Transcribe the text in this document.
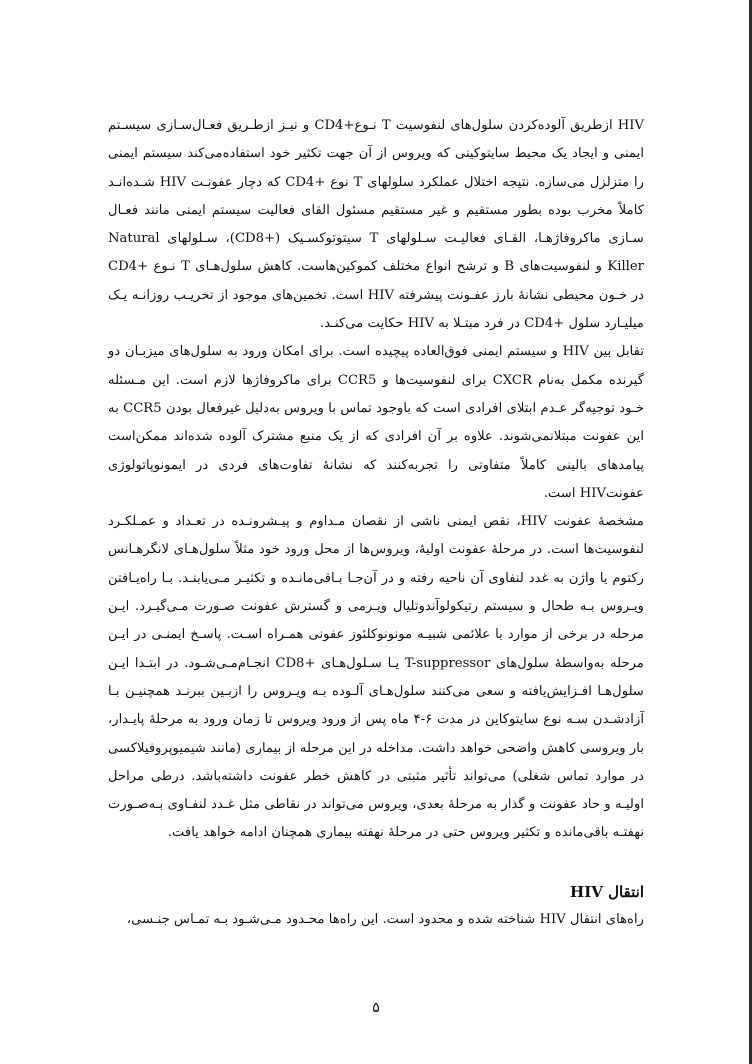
HIV ازطریق آلوده‌کردن سلول‌های لنفوسیت T نـوع+CD4 و نیـز ازطـریق فعـال‌سـازی سیسـتم ایمنی و ایجاد یک محیط سایتوکینی که ویروس از آن جهت تکثیر خود استفاده‌می‌کند سیستم ایمنی را متزلزل می‌سازه. نتیجه اختلال عملکرد سلولهای T نوع +CD4 که دچار عفونـت HIV شـده‌انـد کاملاً مخرب بوده بطور مستقیم و غیر مستقیم مسئول القای فعالیت سیستم ایمنی مانند فعـال سـازی ماکروفاژهـا، القـای فعالیـت سـلولهای T سیتوتوکسـیک (+CD8)، سـلولهای Natural Killer و لنفوسیت‌های B و ترشح انواع مختلف کموکین‌هاست. کاهش سلول‌هـای T نـوع +CD4 در خـون محیطی نشانهٔ بارز عفـونت پیشرفته HIV است. تخمین‌های موجود از تخریـب روزانـه یـک میلیـارد سلول +CD4 در فرد مبتـلا به HIV حکایت می‌کنـد.

تقابل بین HIV و سیستم ایمنی فوق‌العاده پیچیده است. برای امکان ورود به سلول‌های میزبـان دو گیرنده مکمل به‌نام CXCR برای لنفوسیت‌ها و CCR5 برای ماکروفاژها لازم است. این مـسئله خـود توجیه‌گر عـدم ابتلای افرادی است که باوجود تماس با ویروس به‌دلیل غیرفعال بودن CCR5 به این عفونت مبتلانمی‌شوند. علاوه بر آن افرادی که از یک منبع مشترک آلوده شده‌اند ممکن‌است پیامدهای بالینی کاملاً متفاوتی را تجربه‌کنند که نشانهٔ تفاوت‌های فردی در ایمونوپاتولوژی عفونتHIV است.

مشخصهٔ عفونت HIV، نقص ایمنی ناشی از نقصان مـداوم و پیـشرونـده در تعـداد و عمـلکـرد لنفوسیت‌ها است. در مرحلهٔ عفونت اولیهٔ، ویروس‌ها از محل ورود خود مثلاً سلول‌هـای لانگرهـانس رکتوم یا واژن به غدد لنفاوی آن ناحیه رفته و در آن‌جـا بـاقی‌مانـده و تکثیـر مـی‌یابنـد. بـا راه‌یـافتن ویـروس بـه طحال و سیستم رتیکولوآندوتلیال ویـرمی و گسترش عفونت صـورت مـی‌گیـرد. ایـن مرحله در برخی از موارد با علائمی شبیـه مونونوکلئوز عفونی همـراه اسـت. پاسـخ ایمنـی در ایـن مرحله به‌واسطهٔ سلول‌های T-suppressor یـا سـلول‌هـای +CD8 انجـام‌مـی‌شـود. در ابتـدا ایـن سلول‌هـا افـزایش‌یافته و سعی می‌کنند سلول‌هـای آلـوده بـه ویـروس را ازبـین ببرنـد همچنیـن بـا آزادشـدن سـه نوع سایتوکاین در مدت ۶-۴ ماه پس از ورود ویروس تا زمان ورود به مرحلهٔ پایـدار، بار ویروسی کاهش واضحی خواهد داشت. مداخله در این مرحله از بیماری (مانند شیمیوپروفیلاکسی در موارد تماس شغلی) می‌تواند تأثیر مثبتی در کاهش خطر عفونت داشته‌باشد. درطی مراحل اولیـه و حاد عفونت و گذار به مرحلهٔ بعدی، ویروس می‌تواند در نقاطی مثل غـدد لنفـاوی بـه‌صـورت نهفتـه باقی‌مانده و تکثیر ویروس حتی در مرحلهٔ نهفته بیماری همچنان ادامه خواهد یافت.

انتقال HIV

راه‌های انتقال HIV شناخته شده و محدود است. این راه‌ها محـدود مـی‌شـود بـه تمـاس جنـسی،

۵
